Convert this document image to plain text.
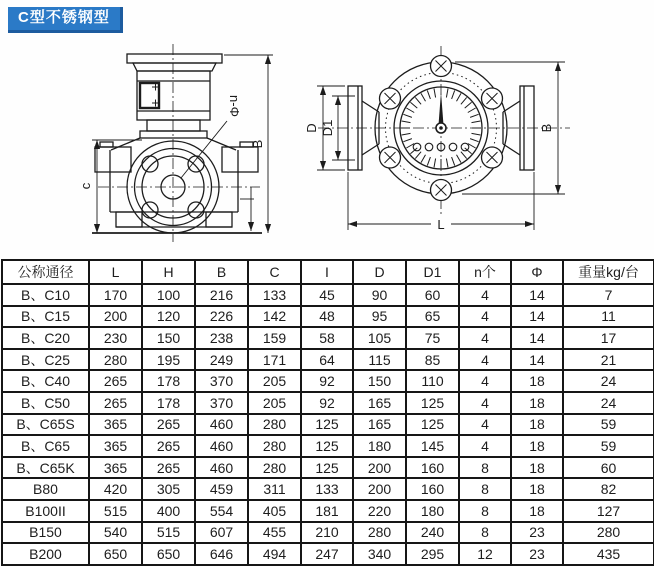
C型不锈钢型
c
B
n-Φ
D D1	B
L
公称通径	L	H	B	C	I	D	D1	n个	Φ	重量kg/台
B、C10	170	100	216	133	45	90	60	4	14	7
B、C15	200	120	226	142	48	95	65	4	14	11
B、C20	230	150	238	159	58	105	75	4	14	17
B、C25	280	195	249	171	64	115	85	4	14	21
B、C40	265	178	370	205	92	150	110	4	18	24
B、C50	265	178	370	205	92	165	125	4	18	24
B、C65S	365	265	460	280	125	165	125	4	18	59
B、C65	365	265	460	280	125	180	145	4	18	59
B、C65K	365	265	460	280	125	200	160	8	18	60
B80	420	305	459	311	133	200	160	8	18	82
B100II	515	400	554	405	181	220	180	8	18	127
B150	540	515	607	455	210	280	240	8	23	280
B200	650	650	646	494	247	340	295	12	23	435
